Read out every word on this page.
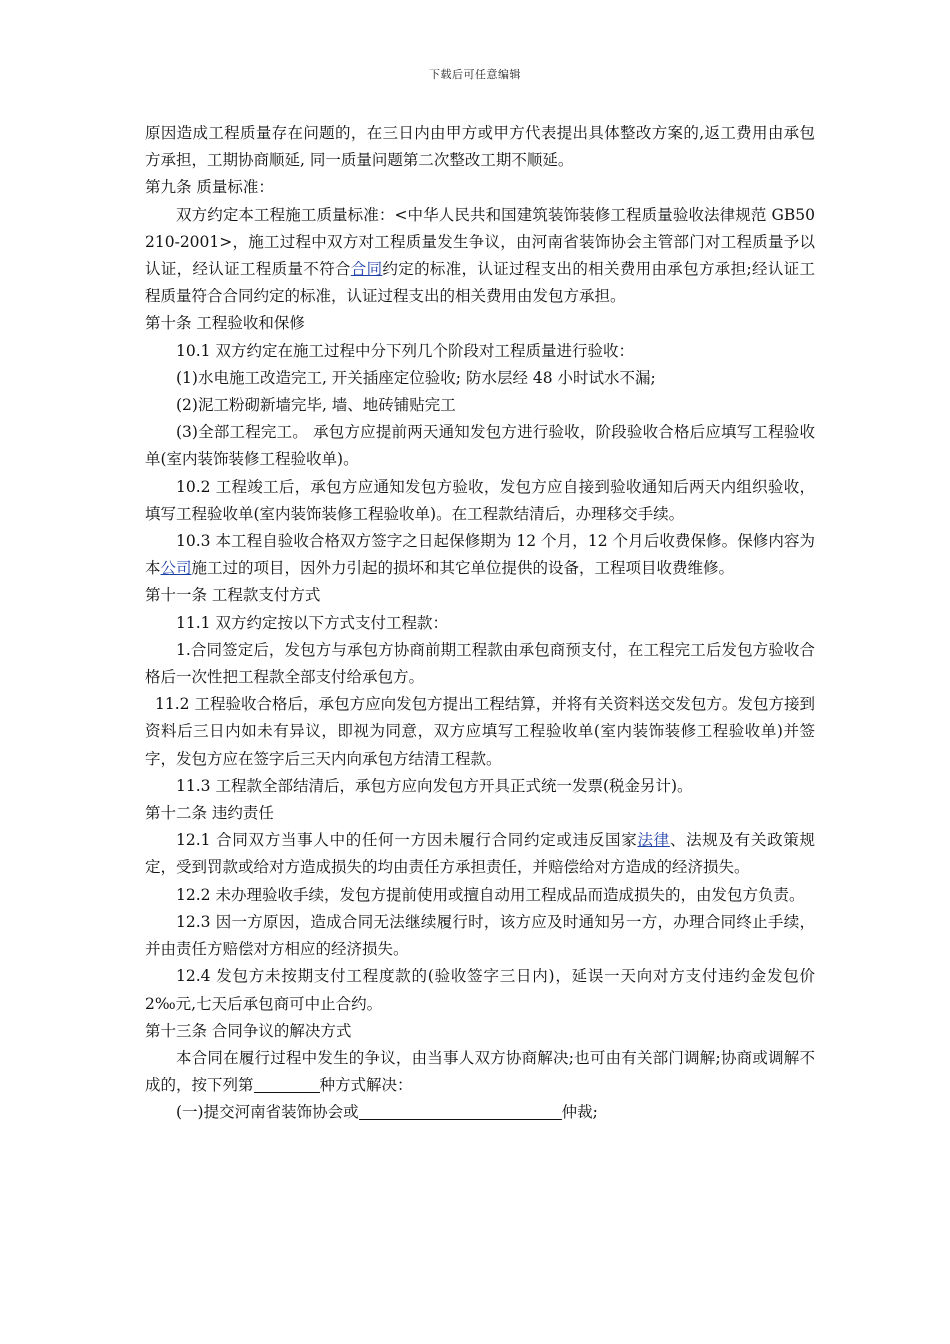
下载后可任意编辑

原因造成工程质量存在问题的，在三日内由甲方或甲方代表提出具体整改方案的,返工费用由承包方承担，工期协商顺延, 同一质量问题第二次整改工期不顺延。

第九条 质量标准：

双方约定本工程施工质量标准：<中华人民共和国建筑装饰装修工程质量验收法律规范 GB50210-2001>，施工过程中双方对工程质量发生争议，由河南省装饰协会主管部门对工程质量予以认证，经认证工程质量不符合合同约定的标准，认证过程支出的相关费用由承包方承担;经认证工程质量符合合同约定的标准，认证过程支出的相关费用由发包方承担。

第十条 工程验收和保修

10.1 双方约定在施工过程中分下列几个阶段对工程质量进行验收：

(1)水电施工改造完工, 开关插座定位验收; 防水层经 48 小时试水不漏;

(2)泥工粉砌新墙完毕, 墙、地砖铺贴完工

(3)全部工程完工。 承包方应提前两天通知发包方进行验收，阶段验收合格后应填写工程验收单(室内装饰装修工程验收单)。

10.2 工程竣工后，承包方应通知发包方验收，发包方应自接到验收通知后两天内组织验收，填写工程验收单(室内装饰装修工程验收单)。在工程款结清后，办理移交手续。

10.3 本工程自验收合格双方签字之日起保修期为 12 个月，12 个月后收费保修。保修内容为本公司施工过的项目，因外力引起的损坏和其它单位提供的设备，工程项目收费维修。

第十一条 工程款支付方式

11.1 双方约定按以下方式支付工程款：

1.合同签定后，发包方与承包方协商前期工程款由承包商预支付，在工程完工后发包方验收合格后一次性把工程款全部支付给承包方。

11.2 工程验收合格后，承包方应向发包方提出工程结算，并将有关资料送交发包方。发包方接到资料后三日内如未有异议，即视为同意，双方应填写工程验收单(室内装饰装修工程验收单)并签字，发包方应在签字后三天内向承包方结清工程款。

11.3 工程款全部结清后，承包方应向发包方开具正式统一发票(税金另计)。

第十二条 违约责任

12.1 合同双方当事人中的任何一方因未履行合同约定或违反国家法律、法规及有关政策规定，受到罚款或给对方造成损失的均由责任方承担责任，并赔偿给对方造成的经济损失。

12.2 未办理验收手续，发包方提前使用或擅自动用工程成品而造成损失的，由发包方负责。

12.3 因一方原因，造成合同无法继续履行时，该方应及时通知另一方，办理合同终止手续，并由责任方赔偿对方相应的经济损失。

12.4 发包方未按期支付工程度款的(验收签字三日内)，延误一天向对方支付违约金发包价 2‰元,七天后承包商可中止合约。

第十三条 合同争议的解决方式

本合同在履行过程中发生的争议，由当事人双方协商解决;也可由有关部门调解;协商或调解不成的，按下列第	种方式解决：

(一)提交河南省装饰协会或	仲裁;
